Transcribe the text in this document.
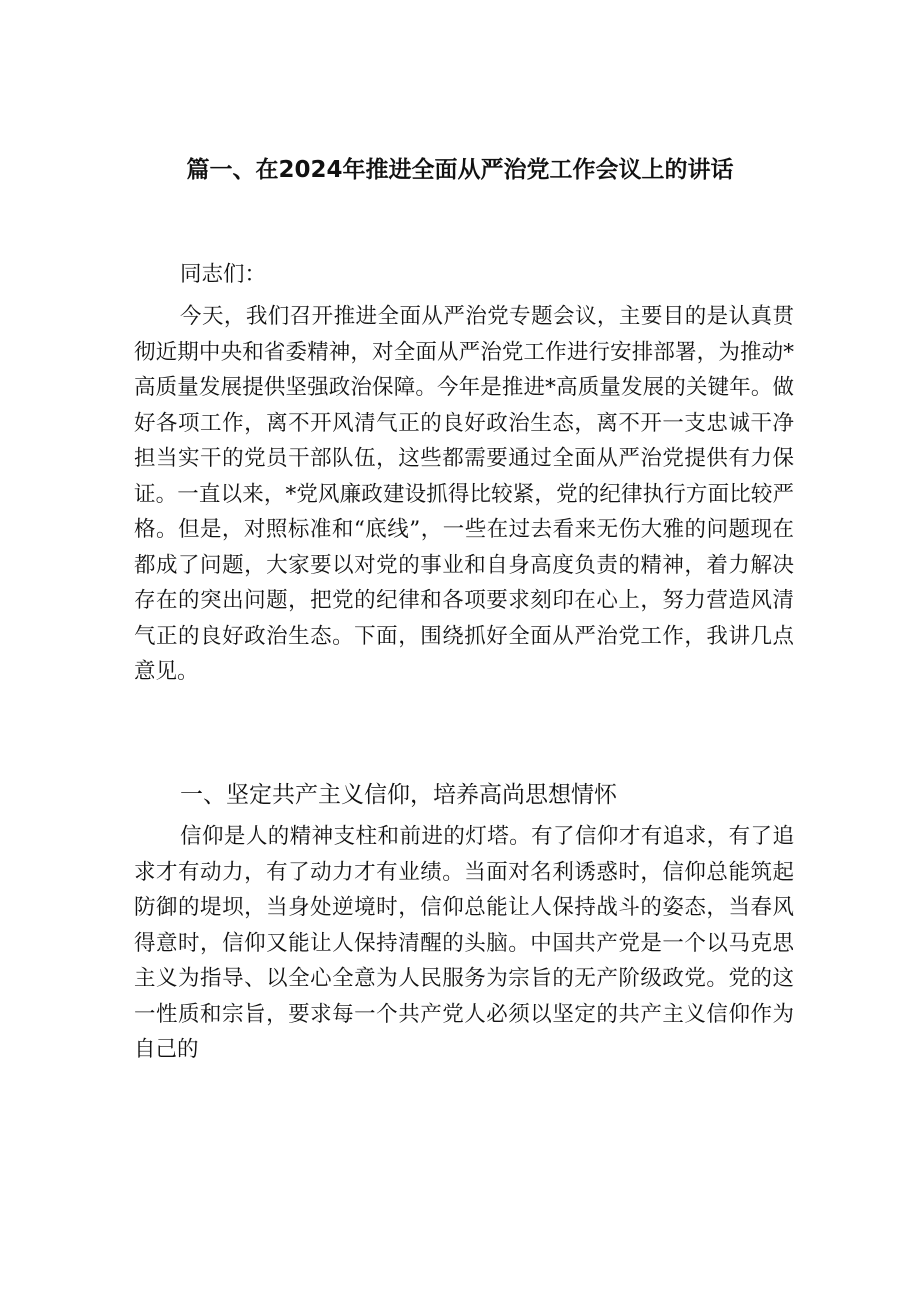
篇一、在2024年推进全面从严治党工作会议上的讲话
同志们：
今天，我们召开推进全面从严治党专题会议，主要目的是认真贯彻近期中央和省委精神，对全面从严治党工作进行安排部署，为推动*高质量发展提供坚强政治保障。今年是推进*高质量发展的关键年。做好各项工作，离不开风清气正的良好政治生态，离不开一支忠诚干净担当实干的党员干部队伍，这些都需要通过全面从严治党提供有力保证。一直以来，*党风廉政建设抓得比较紧，党的纪律执行方面比较严格。但是，对照标准和“底线”，一些在过去看来无伤大雅的问题现在都成了问题，大家要以对党的事业和自身高度负责的精神，着力解决存在的突出问题，把党的纪律和各项要求刻印在心上，努力营造风清气正的良好政治生态。下面，围绕抓好全面从严治党工作，我讲几点意见。
一、坚定共产主义信仰，培养高尚思想情怀
信仰是人的精神支柱和前进的灯塔。有了信仰才有追求，有了追求才有动力，有了动力才有业绩。当面对名利诱惑时，信仰总能筑起防御的堤坝，当身处逆境时，信仰总能让人保持战斗的姿态，当春风得意时，信仰又能让人保持清醒的头脑。中国共产党是一个以马克思主义为指导、以全心全意为人民服务为宗旨的无产阶级政党。党的这一性质和宗旨，要求每一个共产党人必须以坚定的共产主义信仰作为自己的
